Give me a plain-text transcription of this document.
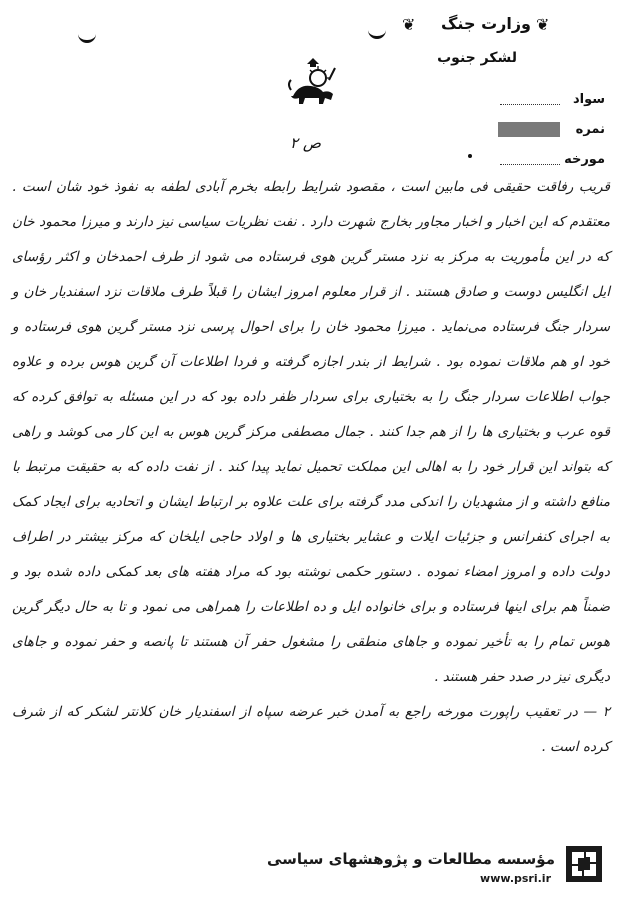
❦ وزارت جنگ ❦
لشکر جنوب
سواد
نمره
مورخه
ص ۲

قریب رفاقت حقیقی فی مابین است ، مقصود شرایط رابطه بخرم آبادی لطفه به نفوذ خود شان است . معتقدم که این اخبار و اخبار مجاور بخارج شهرت دارد . نفت نظریات سیاسی نیز دارند و میرزا محمود خان که در این مأموریت به مرکز به نزد مستر گرین هوی فرستاده می شود از طرف احمدخان و اکثر رؤسای ایل انگلیس دوست و صادق هستند . از قرار معلوم امروز ایشان را قبلاً طرف ملاقات نزد اسفندیار خان و سردار جنگ فرستاده می‌نماید . میرزا محمود خان را برای احوال پرسی نزد مستر گرین هوی فرستاده و خود او هم ملاقات نموده بود . شرایط از بندر اجازه گرفته و فردا اطلاعات آن گرین هوس برده و علاوه جواب اطلاعات سردار جنگ را به بختیاری برای سردار ظفر داده بود که در این مسئله به توافق کرده که قوه عرب و بختیاری ها را از هم جدا کنند . جمال مصطفی مرکز گرین هوس به این کار می کوشد و راهی که بتواند این قرار خود را به اهالی این مملکت تحمیل نماید پیدا کند . از نفت داده که به حقیقت مرتبط با منافع داشته و از مشهدیان را اندکی مدد گرفته برای علت علاوه بر ارتباط ایشان و اتحادیه برای ایجاد کمک به اجرای کنفرانس و جزئیات ایلات و عشایر بختیاری ها و اولاد حاجی ایلخان که مرکز بیشتر در اطراف دولت داده و امروز امضاء نموده . دستور حکمی نوشته بود که مراد هفته های بعد کمکی داده شده بود و ضمناً هم برای اینها فرستاده و برای خانواده ایل و ده اطلاعات را همراهی می نمود و تا به حال دیگر گرین هوس تمام را به تأخیر نموده و جاهای منطقی را مشغول حفر آن هستند تا پانصه و حفر نموده و جاهای دیگری نیز در صدد حفر هستند .

۲ — در تعقیب راپورت مورخه راجع به آمدن خبر عرضه سپاه از اسفندیار خان کلانتر لشکر که از شرف کرده است .

مؤسسه مطالعات و پژوهشهای سیاسی
www.psri.ir
